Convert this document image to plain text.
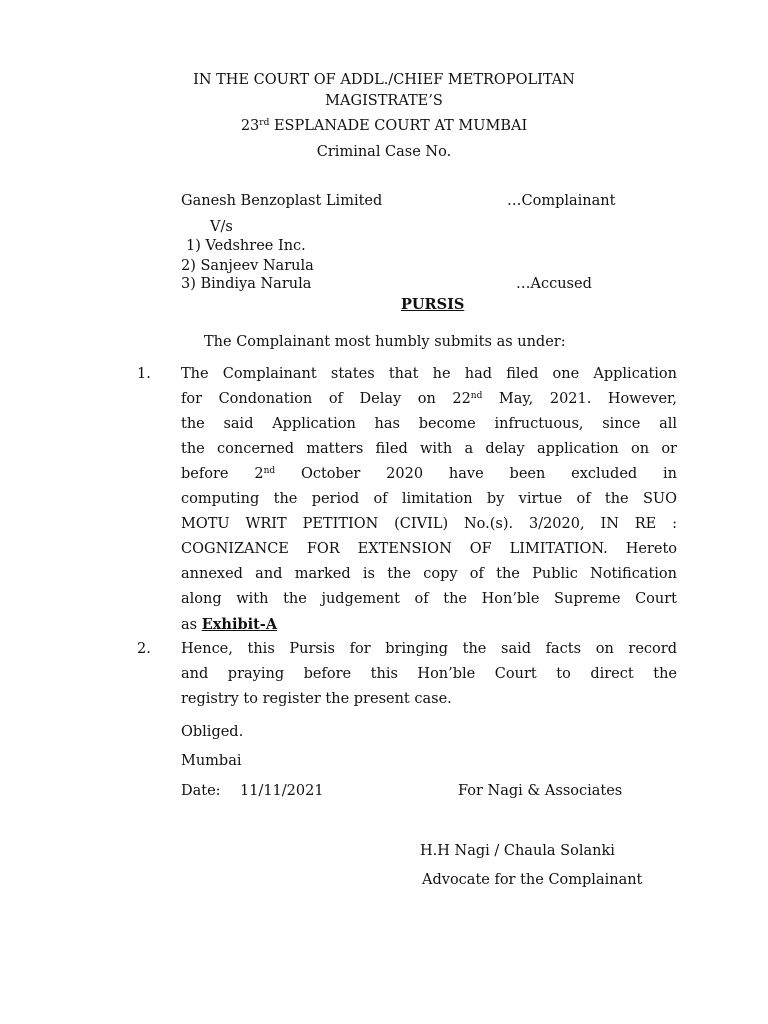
IN THE COURT OF ADDL./CHIEF METROPOLITAN
MAGISTRATE’S
23rd ESPLANADE COURT AT MUMBAI
Criminal Case No.
Ganesh Benzoplast Limited	…Complainant
V/s
1) Vedshree Inc.
2) Sanjeev Narula
3) Bindiya Narula	…Accused
PURSIS
The Complainant most humbly submits as under:
1. The Complainant states that he had filed one Application
for Condonation of Delay on 22nd May, 2021. However,
the said Application has become infructuous, since all
the concerned matters filed with a delay application on or
before 2nd October 2020 have been excluded in
computing the period of limitation by virtue of the SUO
MOTU WRIT PETITION (CIVIL) No.(s). 3/2020, IN RE :
COGNIZANCE FOR EXTENSION OF LIMITATION. Hereto
annexed and marked is the copy of the Public Notification
along with the judgement of the Hon’ble Supreme Court
as Exhibit-A
2. Hence, this Pursis for bringing the said facts on record
and praying before this Hon’ble Court to direct the
registry to register the present case.
Obliged.
Mumbai
Date: 11/11/2021	For Nagi & Associates
H.H Nagi / Chaula Solanki
Advocate for the Complainant
